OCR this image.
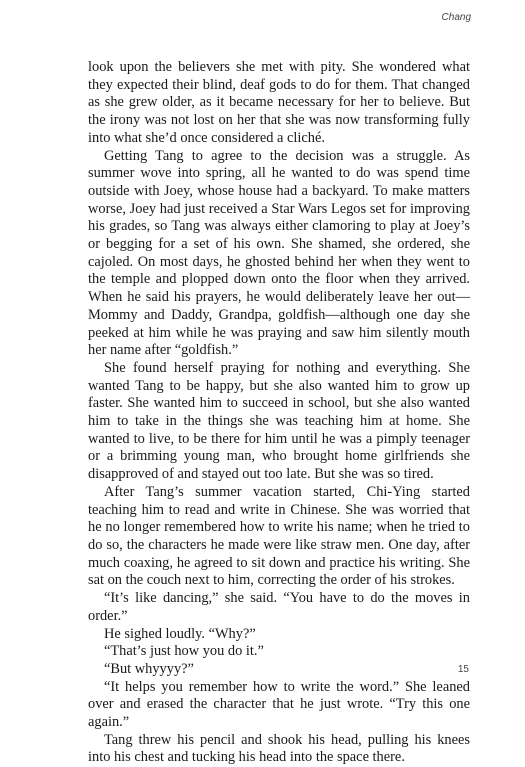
Chang

look upon the believers she met with pity. She wondered what they expected their blind, deaf gods to do for them. That changed as she grew older, as it became necessary for her to believe. But the irony was not lost on her that she was now transforming fully into what she’d once considered a cliché.

Getting Tang to agree to the decision was a struggle. As summer wove into spring, all he wanted to do was spend time outside with Joey, whose house had a backyard. To make matters worse, Joey had just received a Star Wars Legos set for improving his grades, so Tang was always either clamoring to play at Joey’s or begging for a set of his own. She shamed, she ordered, she cajoled. On most days, he ghosted behind her when they went to the temple and plopped down onto the floor when they arrived. When he said his prayers, he would deliberately leave her out—Mommy and Daddy, Grandpa, goldfish—although one day she peeked at him while he was praying and saw him silently mouth her name after “goldfish.”

She found herself praying for nothing and everything. She wanted Tang to be happy, but she also wanted him to grow up faster. She wanted him to succeed in school, but she also wanted him to take in the things she was teaching him at home. She wanted to live, to be there for him until he was a pimply teenager or a brimming young man, who brought home girlfriends she disapproved of and stayed out too late. But she was so tired.

After Tang’s summer vacation started, Chi-Ying started teaching him to read and write in Chinese. She was worried that he no longer remembered how to write his name; when he tried to do so, the characters he made were like straw men. One day, after much coaxing, he agreed to sit down and practice his writing. She sat on the couch next to him, correcting the order of his strokes.

“It’s like dancing,” she said. “You have to do the moves in order.”

He sighed loudly. “Why?”

“That’s just how you do it.”

“But whyyyy?”

“It helps you remember how to write the word.” She leaned over and erased the character that he just wrote. “Try this one again.”

Tang threw his pencil and shook his head, pulling his knees into his chest and tucking his head into the space there.

15
